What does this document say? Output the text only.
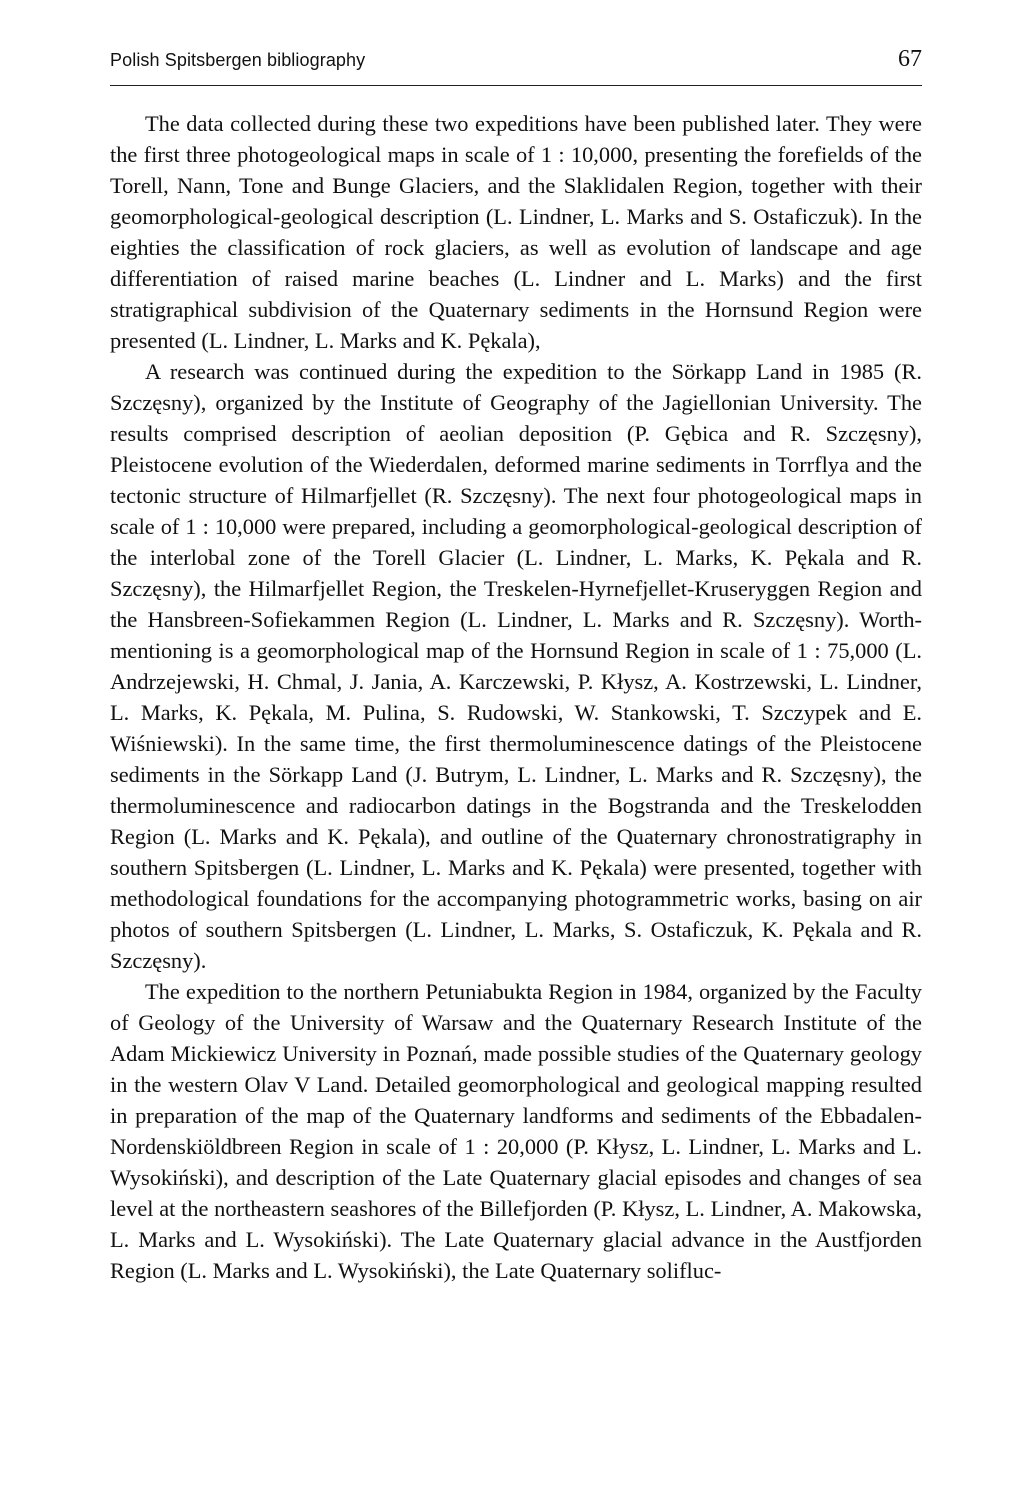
Polish Spitsbergen bibliography	67

The data collected during these two expeditions have been published later. They were the first three photogeological maps in scale of 1 : 10,000, presenting the forefields of the Torell, Nann, Tone and Bunge Glaciers, and the Slaklidalen Region, together with their geomorphological-geological description (L. Lindner, L. Marks and S. Ostaficzuk). In the eighties the classification of rock glaciers, as well as evolution of landscape and age differentiation of raised marine beaches (L. Lindner and L. Marks) and the first stratigraphical subdivision of the Quaternary sediments in the Hornsund Region were presented (L. Lindner, L. Marks and K. Pękala),

A research was continued during the expedition to the Sörkapp Land in 1985 (R. Szczęsny), organized by the Institute of Geography of the Jagiellonian University. The results comprised description of aeolian deposition (P. Gębica and R. Szczęsny), Pleistocene evolution of the Wiederdalen, deformed marine sediments in Torrflya and the tectonic structure of Hilmarfjellet (R. Szczęsny). The next four photogeological maps in scale of 1 : 10,000 were prepared, including a geomorphological-geological description of the interlobal zone of the Torell Glacier (L. Lindner, L. Marks, K. Pękala and R. Szczęsny), the Hilmarfjellet Region, the Treskelen-Hyrnefjellet-Kruseryggen Region and the Hansbreen-Sofiekammen Region (L. Lindner, L. Marks and R. Szczęsny). Worth-mentioning is a geomorphological map of the Hornsund Region in scale of 1 : 75,000 (L. Andrzejewski, H. Chmal, J. Jania, A. Karczewski, P. Kłysz, A. Kostrzewski, L. Lindner, L. Marks, K. Pękala, M. Pulina, S. Rudowski, W. Stankowski, T. Szczypek and E. Wiśniewski). In the same time, the first thermoluminescence datings of the Pleistocene sediments in the Sörkapp Land (J. Butrym, L. Lindner, L. Marks and R. Szczęsny), the thermoluminescence and radiocarbon datings in the Bogstranda and the Treskelodden Region (L. Marks and K. Pękala), and outline of the Quaternary chronostratigraphy in southern Spitsbergen (L. Lindner, L. Marks and K. Pękala) were presented, together with methodological foundations for the accompanying photogrammetric works, basing on air photos of southern Spitsbergen (L. Lindner, L. Marks, S. Ostaficzuk, K. Pękala and R. Szczęsny).

The expedition to the northern Petuniabukta Region in 1984, organized by the Faculty of Geology of the University of Warsaw and the Quaternary Research Institute of the Adam Mickiewicz University in Poznań, made possible studies of the Quaternary geology in the western Olav V Land. Detailed geomorphological and geological mapping resulted in preparation of the map of the Quaternary landforms and sediments of the Ebbadalen-Nordenskiöldbreen Region in scale of 1 : 20,000 (P. Kłysz, L. Lindner, L. Marks and L. Wysokiński), and description of the Late Quaternary glacial episodes and changes of sea level at the northeastern seashores of the Billefjorden (P. Kłysz, L. Lindner, A. Makowska, L. Marks and L. Wysokiński). The Late Quaternary glacial advance in the Austfjorden Region (L. Marks and L. Wysokiński), the Late Quaternary solifluc-
